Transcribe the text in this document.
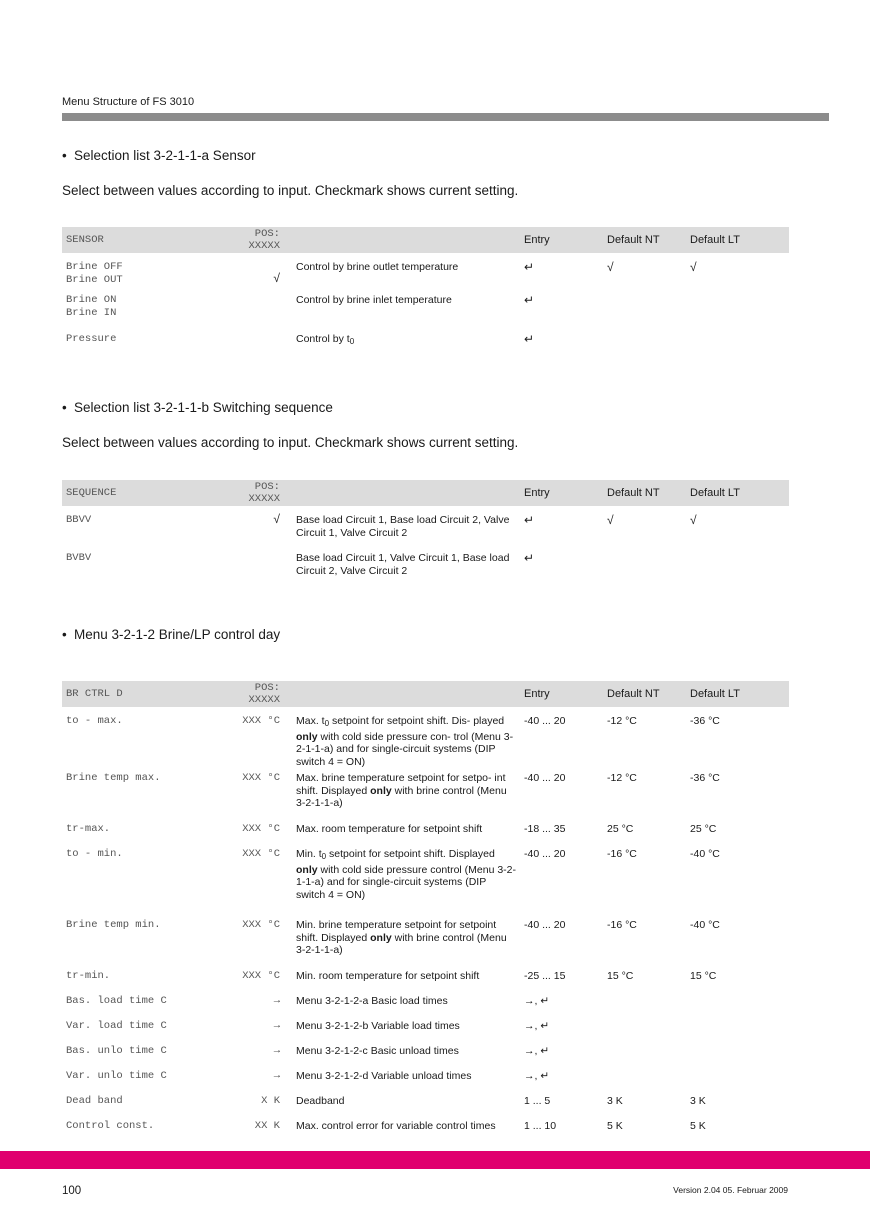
Menu Structure of FS 3010
• Selection list 3-2-1-1-a Sensor
Select between values according to input. Checkmark shows current setting.
SENSOR	POS: XXXXX		Entry	Default NT	Default LT

Brine OFF
Brine OUT	√	Control by brine outlet temperature	↵	√	√

Brine ON
Brine IN		Control by brine inlet temperature	↵		
Pressure		Control by $t_0$	↵		
• Selection list 3-2-1-1-b Switching sequence
Select between values according to input. Checkmark shows current setting.
SEQUENCE	POS: XXXXX		Entry	Default NT	Default LT
BBVV	√	Base load Circuit 1, Base load Circuit 2, Valve Circuit 1, Valve Circuit 2	↵	√	√
BVBV		Base load Circuit 1, Valve Circuit 1, Base load Circuit 2, Valve Circuit 2	↵		
• Menu 3-2-1-2 Brine/LP control day
BR CTRL D	POS: XXXXX		Entry	Default NT	Default LT
to - max.	XXX °C	Max. $t_0$ setpoint for setpoint shift. Dis- played only with cold side pressure con- trol (Menu 3-2-1-1-a) and for single-circuit systems (DIP switch 4 = ON)	-40 ... 20	-12 °C	-36 °C
Brine temp max.	XXX °C	Max. brine temperature setpoint for setpo- int shift. Displayed only with brine control (Menu 3-2-1-1-a)	-40 ... 20	-12 °C	-36 °C
tr-max.	XXX °C	Max. room temperature for setpoint shift	-18 ... 35	25 °C	25 °C
to - min.	XXX °C	Min. $t_0$ setpoint for setpoint shift. Displayed only with cold side pressure control (Menu 3-2-1-1-a) and for single-circuit systems (DIP switch 4 = ON)	-40 ... 20	-16 °C	-40 °C
Brine temp min.	XXX °C	Min. brine temperature setpoint for setpoint shift. Displayed only with brine control (Menu 3-2-1-1-a)	-40 ... 20	-16 °C	-40 °C
tr-min.	XXX °C	Min. room temperature for setpoint shift	-25 ... 15	15 °C	15 °C
Bas. load time C	→	Menu 3-2-1-2-a Basic load times	→, ↵		
Var. load time C	→	Menu 3-2-1-2-b Variable load times	→, ↵		
Bas. unlo time C	→	Menu 3-2-1-2-c Basic unload times	→, ↵		
Var. unlo time C	→	Menu 3-2-1-2-d Variable unload times	→, ↵		
Dead band	X K	Deadband	1 ... 5	3 K	3 K
Control const.	XX K	Max. control error for variable control times	1 ... 10	5 K	5 K
100	Version 2.04 05. Februar 2009
